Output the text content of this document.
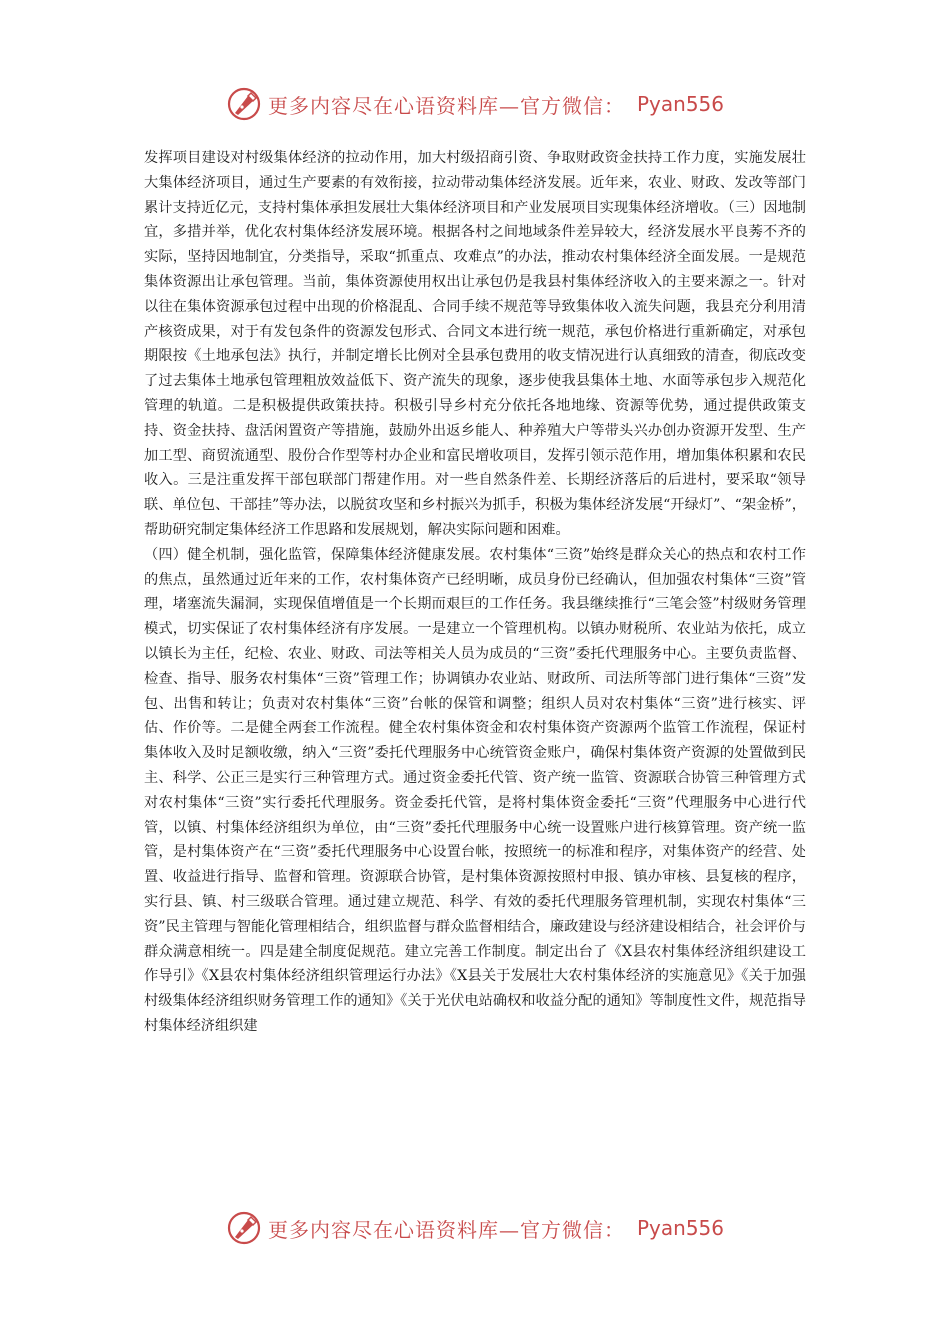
更多内容尽在心语资料库—官方微信： Pyan556

发挥项目建设对村级集体经济的拉动作用，加大村级招商引资、争取财政资金扶持工作力度，实施发展壮大集体经济项目，通过生产要素的有效衔接，拉动带动集体经济发展。近年来，农业、财政、发改等部门累计支持近亿元，支持村集体承担发展壮大集体经济项目和产业发展项目实现集体经济增收。（三）因地制宜，多措并举，优化农村集体经济发展环境。根据各村之间地域条件差异较大，经济发展水平良莠不齐的实际，坚持因地制宜，分类指导，采取“抓重点、攻难点”的办法，推动农村集体经济全面发展。一是规范集体资源出让承包管理。当前，集体资源使用权出让承包仍是我县村集体经济收入的主要来源之一。针对以往在集体资源承包过程中出现的价格混乱、合同手续不规范等导致集体收入流失问题，我县充分利用清产核资成果，对于有发包条件的资源发包形式、合同文本进行统一规范，承包价格进行重新确定，对承包期限按《土地承包法》执行，并制定增长比例对全县承包费用的收支情况进行认真细致的清查，彻底改变了过去集体土地承包管理粗放效益低下、资产流失的现象，逐步使我县集体土地、水面等承包步入规范化管理的轨道。二是积极提供政策扶持。积极引导乡村充分依托各地地缘、资源等优势，通过提供政策支持、资金扶持、盘活闲置资产等措施，鼓励外出返乡能人、种养殖大户等带头兴办创办资源开发型、生产加工型、商贸流通型、股份合作型等村办企业和富民增收项目，发挥引领示范作用，增加集体积累和农民收入。三是注重发挥干部包联部门帮建作用。对一些自然条件差、长期经济落后的后进村，要采取“领导联、单位包、干部挂”等办法，以脱贫攻坚和乡村振兴为抓手，积极为集体经济发展“开绿灯”、“架金桥”，帮助研究制定集体经济工作思路和发展规划，解决实际问题和困难。

（四）健全机制，强化监管，保障集体经济健康发展。农村集体“三资”始终是群众关心的热点和农村工作的焦点，虽然通过近年来的工作，农村集体资产已经明晰，成员身份已经确认，但加强农村集体“三资”管理，堵塞流失漏洞，实现保值增值是一个长期而艰巨的工作任务。我县继续推行“三笔会签”村级财务管理模式，切实保证了农村集体经济有序发展。一是建立一个管理机构。以镇办财税所、农业站为依托，成立以镇长为主任，纪检、农业、财政、司法等相关人员为成员的“三资”委托代理服务中心。主要负责监督、检查、指导、服务农村集体“三资”管理工作；协调镇办农业站、财政所、司法所等部门进行集体“三资”发包、出售和转让；负责对农村集体“三资”台帐的保管和调整；组织人员对农村集体“三资”进行核实、评估、作价等。二是健全两套工作流程。健全农村集体资金和农村集体资产资源两个监管工作流程，保证村集体收入及时足额收缴，纳入“三资”委托代理服务中心统管资金账户，确保村集体资产资源的处置做到民主、科学、公正三是实行三种管理方式。通过资金委托代管、资产统一监管、资源联合协管三种管理方式对农村集体“三资”实行委托代理服务。资金委托代管，是将村集体资金委托“三资”代理服务中心进行代管，以镇、村集体经济组织为单位，由“三资”委托代理服务中心统一设置账户进行核算管理。资产统一监管，是村集体资产在“三资”委托代理服务中心设置台帐，按照统一的标准和程序，对集体资产的经营、处置、收益进行指导、监督和管理。资源联合协管，是村集体资源按照村申报、镇办审核、县复核的程序，实行县、镇、村三级联合管理。通过建立规范、科学、有效的委托代理服务管理机制，实现农村集体“三资”民主管理与智能化管理相结合，组织监督与群众监督相结合，廉政建设与经济建设相结合，社会评价与群众满意相统一。四是建全制度促规范。建立完善工作制度。制定出台了《X县农村集体经济组织建设工作导引》《X县农村集体经济组织管理运行办法》《X县关于发展壮大农村集体经济的实施意见》《关于加强村级集体经济组织财务管理工作的通知》《关于光伏电站确权和收益分配的通知》等制度性文件，规范指导村集体经济组织建

更多内容尽在心语资料库—官方微信： Pyan556
